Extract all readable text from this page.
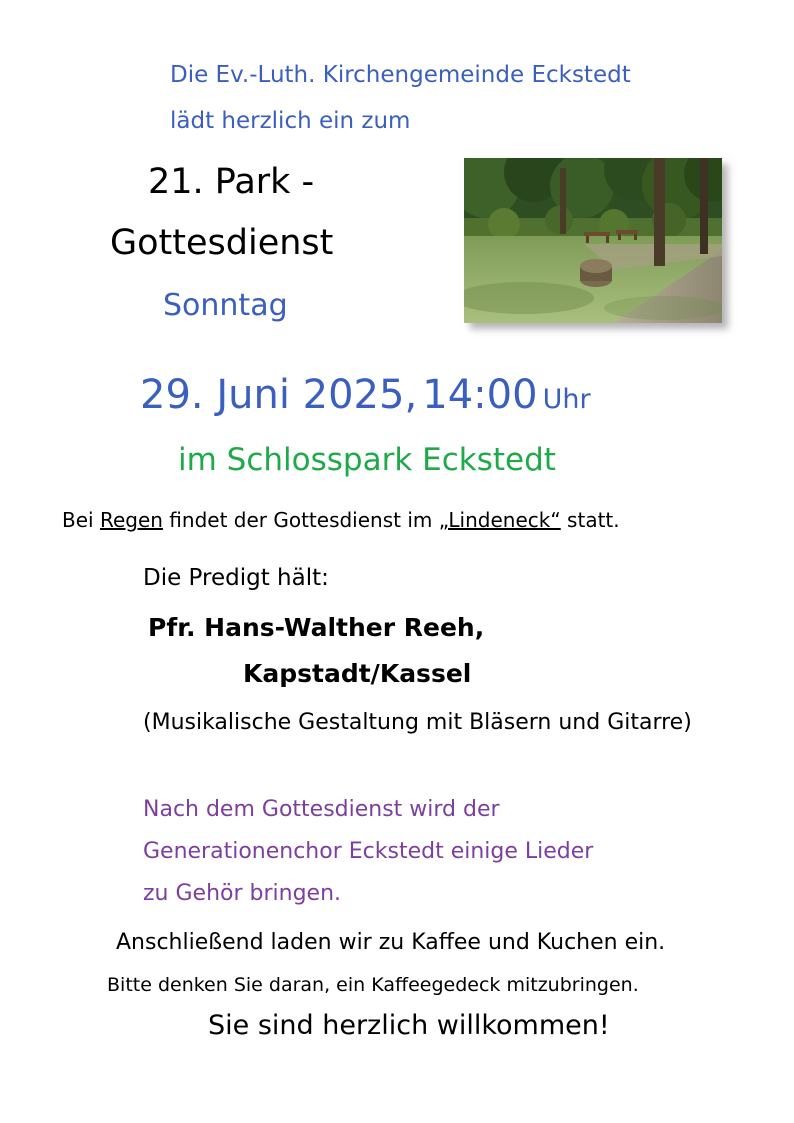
Die Ev.-Luth. Kirchengemeinde Eckstedt
lädt herzlich ein zum
21. Park -
Gottesdienst
Sonntag
29. Juni 2025, 14:00 Uhr
im Schlosspark Eckstedt
Bei Regen findet der Gottesdienst im „Lindeneck“ statt.
Die Predigt hält:
Pfr. Hans-Walther Reeh,
Kapstadt/Kassel
(Musikalische Gestaltung mit Bläsern und Gitarre)
Nach dem Gottesdienst wird der Generationenchor Eckstedt einige Lieder zu Gehör bringen.
Anschließend laden wir zu Kaffee und Kuchen ein.
Bitte denken Sie daran, ein Kaffeegedeck mitzubringen.
Sie sind herzlich willkommen!
